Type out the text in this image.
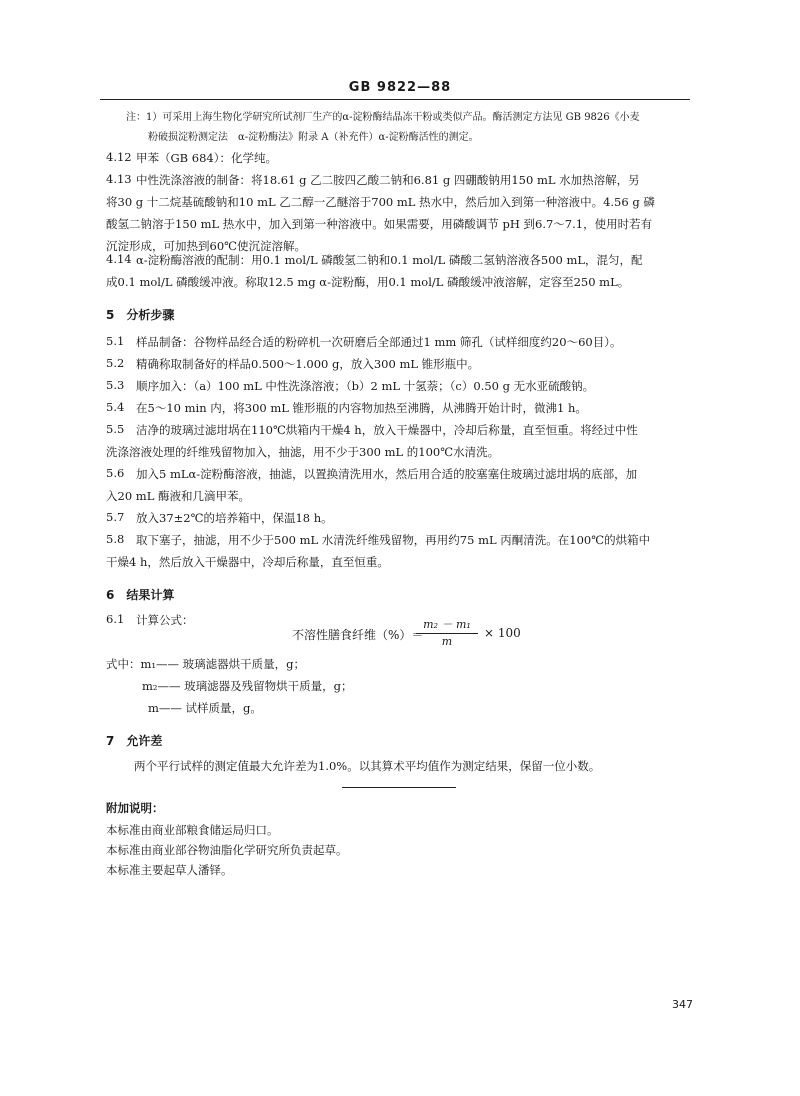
GB 9822—88
注：1）可采用上海生物化学研究所试剂厂生产的α-淀粉酶结晶冻干粉或类似产品。酶活测定方法见 GB 9826《小麦
粉破损淀粉测定法　α-淀粉酶法》附录 A（补充件）α-淀粉酶活性的测定。
4.12 甲苯（GB 684）：化学纯。
4.13 中性洗涤溶液的制备：将18.61 g 乙二胺四乙酸二钠和6.81 g 四硼酸钠用150 mL 水加热溶解，另
将30 g 十二烷基硫酸钠和10 mL 乙二醇一乙醚溶于700 mL 热水中，然后加入到第一种溶液中。4.56 g 磷
酸氢二钠溶于150 mL 热水中，加入到第一种溶液中。如果需要，用磷酸调节 pH 到6.7～7.1，使用时若有
沉淀形成，可加热到60℃使沉淀溶解。
4.14 α-淀粉酶溶液的配制：用0.1 mol/L 磷酸氢二钠和0.1 mol/L 磷酸二氢钠溶液各500 mL，混匀，配
成0.1 mol/L 磷酸缓冲液。称取12.5 mg α-淀粉酶，用0.1 mol/L 磷酸缓冲液溶解，定容至250 mL。
5　分析步骤
5.1 样品制备：谷物样品经合适的粉碎机一次研磨后全部通过1 mm 筛孔（试样细度约20～60目）。
5.2 精确称取制备好的样品0.500～1.000 g，放入300 mL 锥形瓶中。
5.3 顺序加入：（a）100 mL 中性洗涤溶液；（b）2 mL 十氢萘；（c）0.50 g 无水亚硫酸钠。
5.4 在5～10 min 内，将300 mL 锥形瓶的内容物加热至沸腾，从沸腾开始计时，微沸1 h。
5.5 洁净的玻璃过滤坩埚在110℃烘箱内干燥4 h，放入干燥器中，冷却后称量，直至恒重。将经过中性
洗涤溶液处理的纤维残留物加入，抽滤，用不少于300 mL 的100℃水清洗。
5.6 加入5 mLα-淀粉酶溶液，抽滤，以置换清洗用水，然后用合适的胶塞塞住玻璃过滤坩埚的底部，加
入20 mL 酶液和几滴甲苯。
5.7 放入37±2℃的培养箱中，保温18 h。
5.8 取下塞子，抽滤，用不少于500 mL 水清洗纤维残留物，再用约75 mL 丙酮清洗。在100℃的烘箱中
干燥4 h，然后放入干燥器中，冷却后称量，直至恒重。
6　结果计算
6.1 计算公式：
不溶性膳食纤维（%）＝
m₂ － m₁
m
× 100
式中：m₁—— 玻璃滤器烘干质量，g；
m₂—— 玻璃滤器及残留物烘干质量，g；
m—— 试样质量，g。
7　允许差
两个平行试样的测定值最大允许差为1.0%。以其算术平均值作为测定结果，保留一位小数。
附加说明：
本标准由商业部粮食储运局归口。
本标准由商业部谷物油脂化学研究所负责起草。
本标准主要起草人潘铎。
347
